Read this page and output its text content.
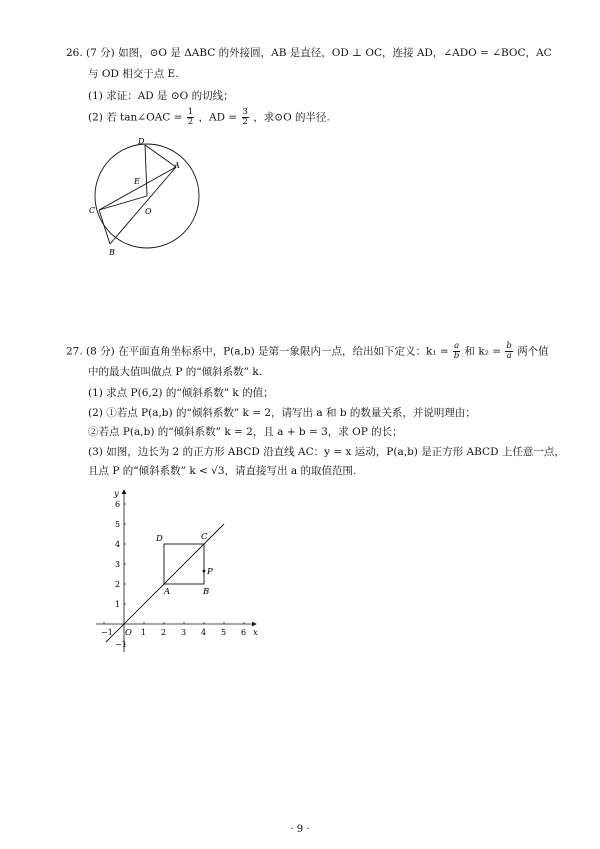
26. (7 分) 如图，⊙O 是 ΔABC 的外接圆，AB 是直径，OD ⊥ OC，连接 AD，∠ADO = ∠BOC，AC
与 OD 相交于点 E.
(1) 求证：AD 是 ⊙O 的切线；
(2) 若 tan∠OAC = $\frac{1}{2}$ ，AD = $\frac{3}{2}$ ，求⊙O 的半径.
D
A
E
C	O
B
27. (8 分) 在平面直角坐标系中，P(a,b) 是第一象限内一点，给出如下定义：$k_1 = \frac{a}{b}$ 和 $k_2 = \frac{b}{a}$ 两个值
中的最大值叫做点 P 的“倾斜系数” k.
(1) 求点 P(6,2) 的“倾斜系数” k 的值；
(2) ①若点 P(a,b) 的“倾斜系数” k = 2，请写出 a 和 b 的数量关系，并说明理由；
②若点 P(a,b) 的“倾斜系数” k = 2，且 a + b = 3，求 OP 的长；
(3) 如图，边长为 2 的正方形 ABCD 沿直线 AC：y = x 运动，P(a,b) 是正方形 ABCD 上任意一点，
且点 P 的“倾斜系数” k < √3，请直接写出 a 的取值范围.
−1	1 2 3 4 5 6
−1
1
2
3
4
5
6
D	C
A	B
P
O	x
y
· 9 ·
